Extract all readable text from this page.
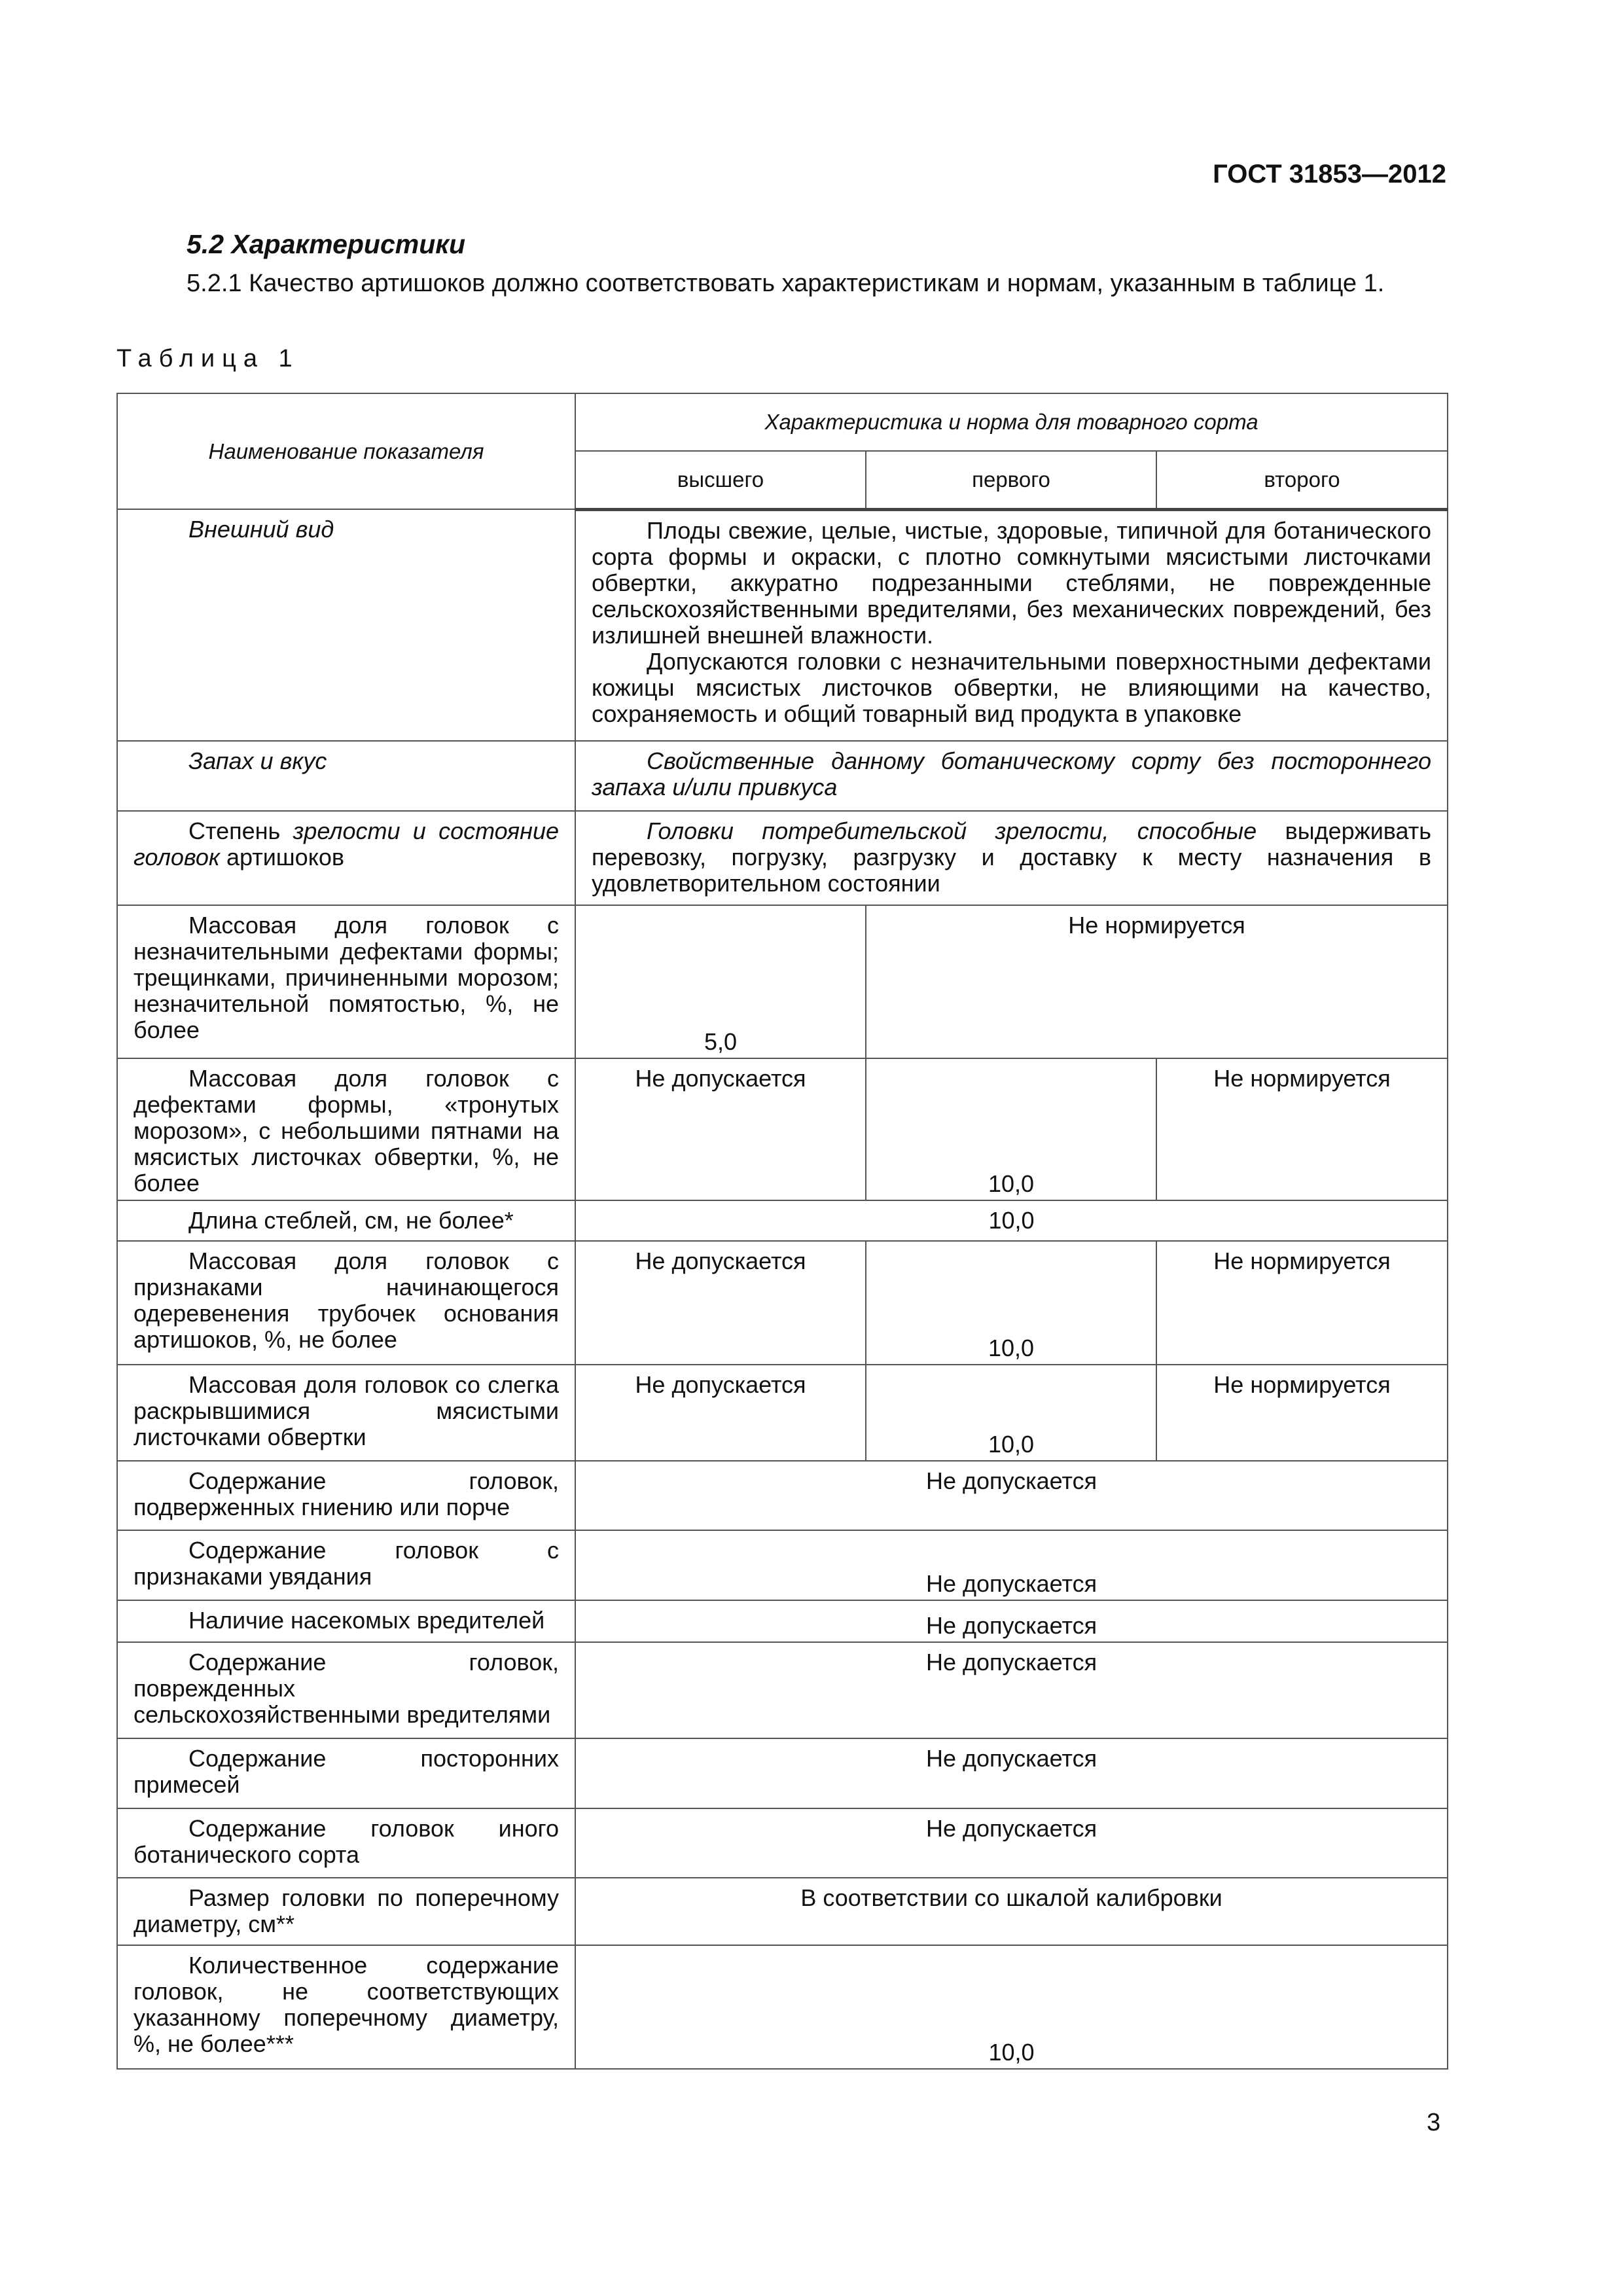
ГОСТ 31853—2012
5.2 Характеристики
5.2.1 Качество артишоков должно соответствовать характеристикам и нормам, указанным в таблице 1.
Таблица 1
Наименование показателя	Характеристика и норма для товарного сорта		
	высшего	первого	второго
Внешний вид	Плоды свежие, целые, чистые, здоровые, типичной для ботанического сорта формы и окраски, с плотно сомкнутыми мясистыми листочками обвертки, аккуратно подрезанными стеблями, не поврежденные сельскохозяйственными вредителями, без механических повреждений, без излишней внешней влажности.

Допускаются головки с незначительными поверхностными дефектами кожицы мясистых листочков обвертки, не влияющими на качество, сохраняемость и общий товарный вид продукта в упаковке		

Запах и вкус	Свойственные данному ботаническому сорту без постороннего запаха и/или привкуса		
Степень зрелости и состояние головок артишоков	Головки потребительской зрелости, способные выдерживать перевозку, погрузку, разгрузку и доставку к месту назначения в удовлетворительном состоянии		
Массовая доля головок с незначительными дефектами формы; трещинками, причиненными морозом; незначительной помятостью, %, не более	5,0	Не нормируется	
Массовая доля головок с дефектами формы, «тронутых морозом», с небольшими пятнами на мясистых листочках обвертки, %, не более	Не допускается	10,0	Не нормируется
Длина стеблей, см, не более*	10,0		
Массовая доля головок с признаками начинающегося одеревенения трубочек основания артишоков, %, не более	Не допускается	10,0	Не нормируется
Массовая доля головок со слегка раскрывшимися мясистыми листочками обвертки	Не допускается	10,0	Не нормируется
Содержание головок, подверженных гниению или порче	Не допускается		
Содержание головок с признаками увядания	Не допускается		
Наличие насекомых вредителей	Не допускается		
Содержание головок, поврежденных сельскохозяйственными вредителями	Не допускается		
Содержание посторонних примесей	Не допускается		
Содержание головок иного ботанического сорта	Не допускается		
Размер головки по поперечному диаметру, см**	В соответствии со шкалой калибровки		
Количественное содержание головок, не соответствующих указанному поперечному диаметру, %, не более***	10,0		
3
